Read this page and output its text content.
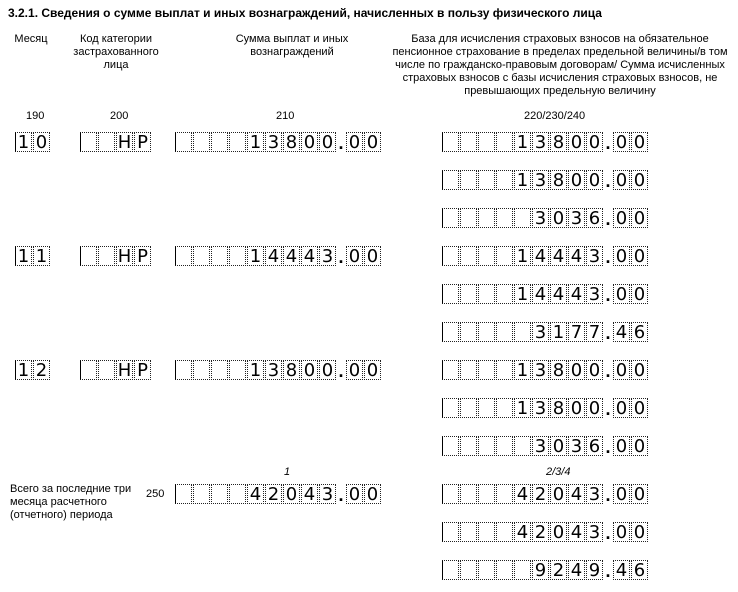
3.2.1. Сведения о сумме выплат и иных вознаграждений, начисленных в пользу физического лица
Месяц	Код категории застрахованного лица
Сумма выплат и иных вознаграждений
База для исчисления страховых взносов на обязательное пенсионное страхование в пределах предельной величины/в том числе по гражданско-правовым договорам/ Сумма исчисленных страховых взносов с базы исчисления страховых взносов, не превышающих предельную величину
190	200	210	220/230/240
1 0	Н Р	1 3 8 0 0 . 0 0	1 3 8 0 0 . 0 0
1 3 8 0 0 . 0 0
3 0 3 6 . 0 0
1 1	Н Р	1 4 4 4 3 . 0 0	1 4 4 4 3 . 0 0
1 4 4 4 3 . 0 0
3 1 7 7 . 4 6
1 2	Н Р	1 3 8 0 0 . 0 0	1 3 8 0 0 . 0 0
1 3 8 0 0 . 0 0
3 0 3 6 . 0 0
1	2/3/4
Всего за последние три месяца расчетного (отчетного) периода
250	4 2 0 4 3 . 0 0	4 2 0 4 3 . 0 0
4 2 0 4 3 . 0 0
9 2 4 9 . 4 6
